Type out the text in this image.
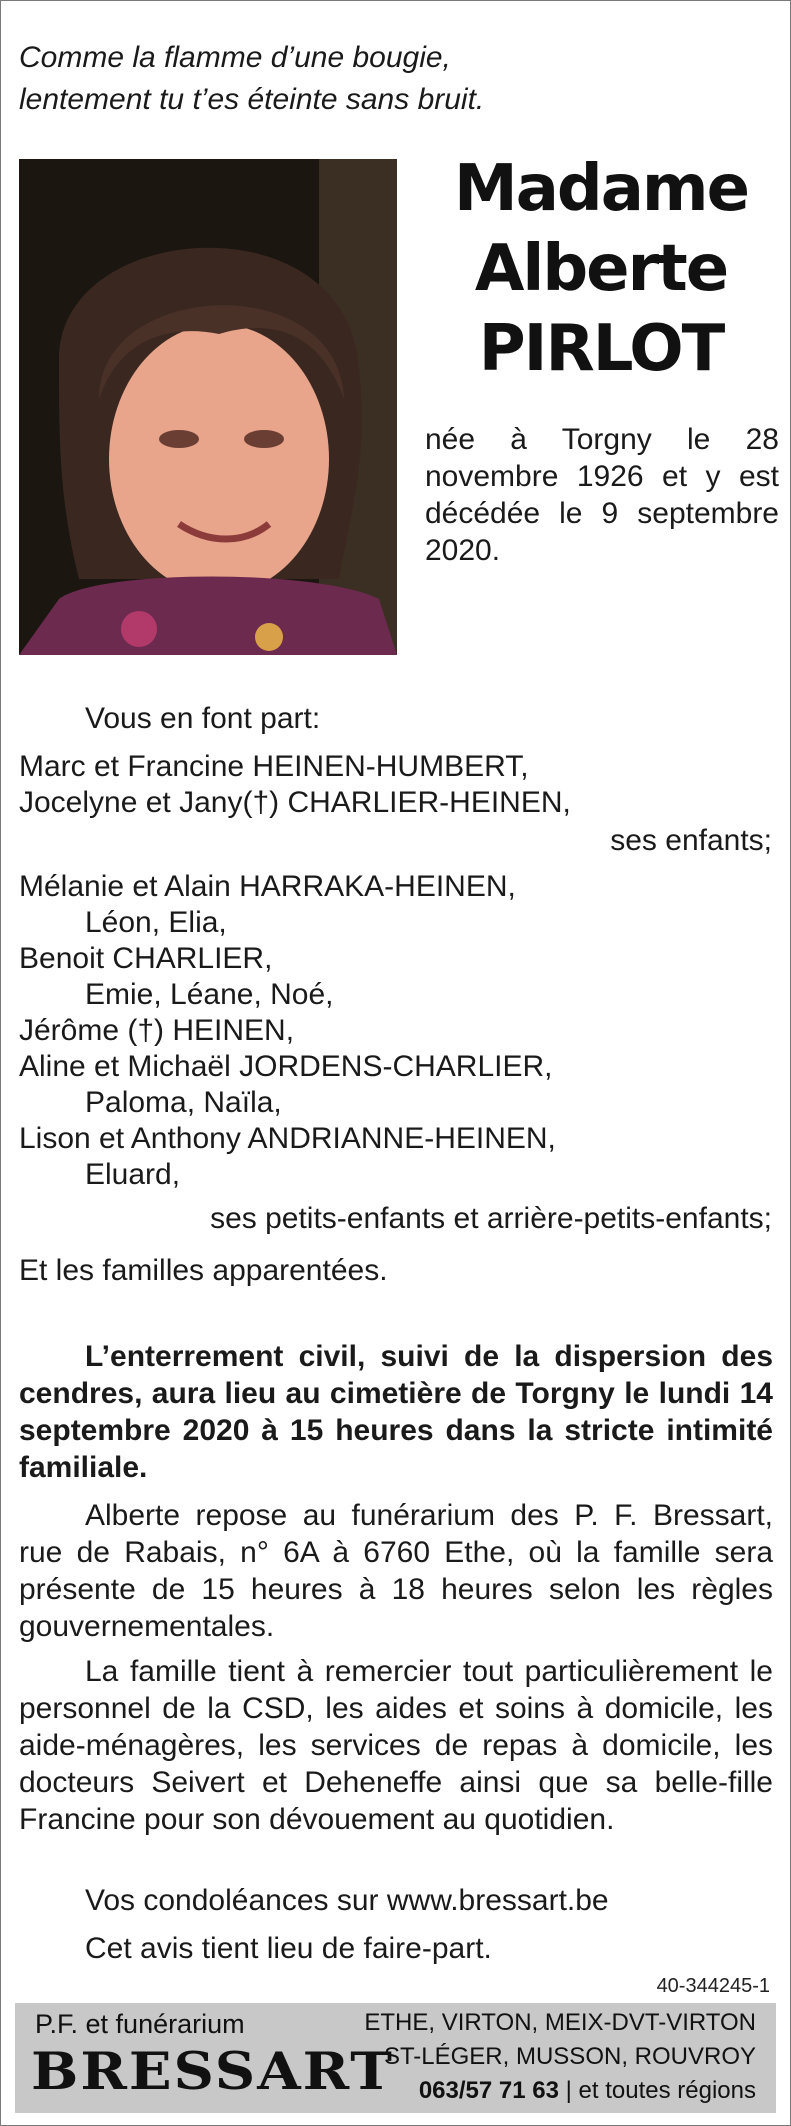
Comme la flamme d’une bougie,
lentement tu t’es éteinte sans bruit.
Madame
Alberte
PIRLOT
née à Torgny le 28 novembre 1926 et y est décédée le 9 septembre 2020.
Vous en font part:
Marc et Francine HEINEN-HUMBERT,
Jocelyne et Jany(†) CHARLIER-HEINEN,
ses enfants;
Mélanie et Alain HARRAKA-HEINEN,
Léon, Elia,
Benoit CHARLIER,
Emie, Léane, Noé,
Jérôme (†) HEINEN,
Aline et Michaël JORDENS-CHARLIER,
Paloma, Naïla,
Lison et Anthony ANDRIANNE-HEINEN,
Eluard,
ses petits-enfants et arrière-petits-enfants;
Et les familles apparentées.
L’enterrement civil, suivi de la dispersion des cendres, aura lieu au cimetière de Torgny le lundi 14 septembre 2020 à 15 heures dans la stricte intimité familiale.
Alberte repose au funérarium des P. F. Bressart, rue de Rabais, n° 6A à 6760 Ethe, où la famille sera présente de 15 heures à 18 heures selon les règles gouvernementales.
La famille tient à remercier tout particulièrement le personnel de la CSD, les aides et soins à domicile, les aide-ménagères, les services de repas à domicile, les docteurs Seivert et Deheneffe ainsi que sa belle-fille Francine pour son dévouement au quotidien.
Vos condoléances sur www.bressart.be
Cet avis tient lieu de faire-part.
40-344245-1
P.F. et funérarium
BRESSART
ETHE, VIRTON, MEIX-DVT-VIRTON
ST-LÉGER, MUSSON, ROUVROY
063/57 71 63 | et toutes régions
